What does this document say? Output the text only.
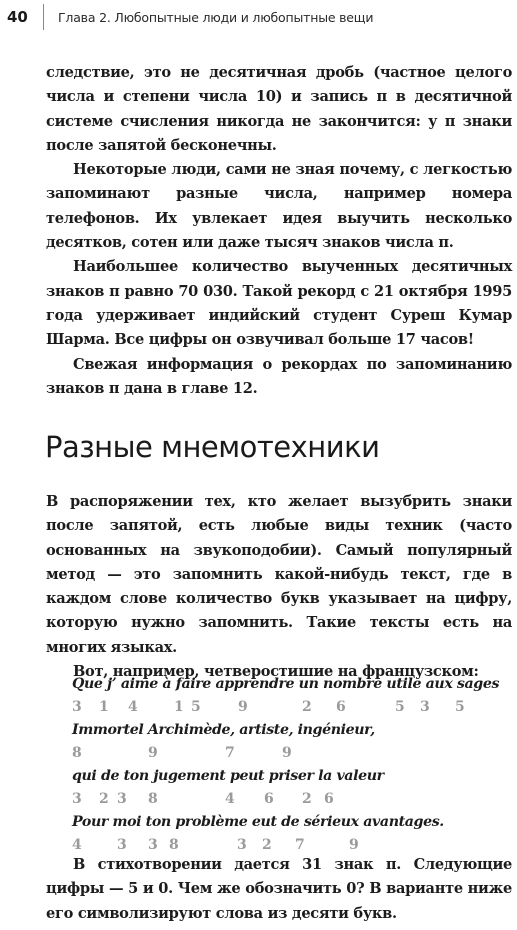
40 Глава 2. Любопытные люди и любопытные вещи

следствие, это не десятичная дробь (частное целого числа и степени числа 10) и запись π в десятичной системе счисления никогда не закончится: у π знаки после запятой бесконечны.

Некоторые люди, сами не зная почему, с легкостью запоминают разные числа, например номера телефонов. Их увлекает идея выучить несколько десятков, сотен или даже тысяч знаков числа π.

Наибольшее количество выученных десятичных знаков π равно 70 030. Такой рекорд с 21 октября 1995 года удерживает индийский студент Суреш Кумар Шарма. Все цифры он озвучивал больше 17 часов!

Свежая информация о рекордах по запоминанию знаков π дана в главе 12.

Разные мнемотехники

В распоряжении тех, кто желает вызубрить знаки после запятой, есть любые виды техник (часто основанных на звукоподобии). Самый популярный метод — это запомнить какой-нибудь текст, где в каждом слове количество букв указывает на цифру, которую нужно запомнить. Такие тексты есть на многих языках.

Вот, например, четверостишие на французском:

Que j’ aime à faire apprendre un nombre utile aux sages
3 1 4	1 5	9	2 6	5 3 5
Immortel Archimède, artiste, ingénieur,
8	9	7	9
qui de ton jugement peut priser la valeur
3 2 3 8	4 6 2 6
Pour moi ton problème eut de sérieux avantages.
4	3 3 8	3 2 7	9

В стихотворении дается 31 знак π. Следующие цифры — 5 и 0. Чем же обозначить 0? В варианте ниже его символизируют слова из десяти букв.
